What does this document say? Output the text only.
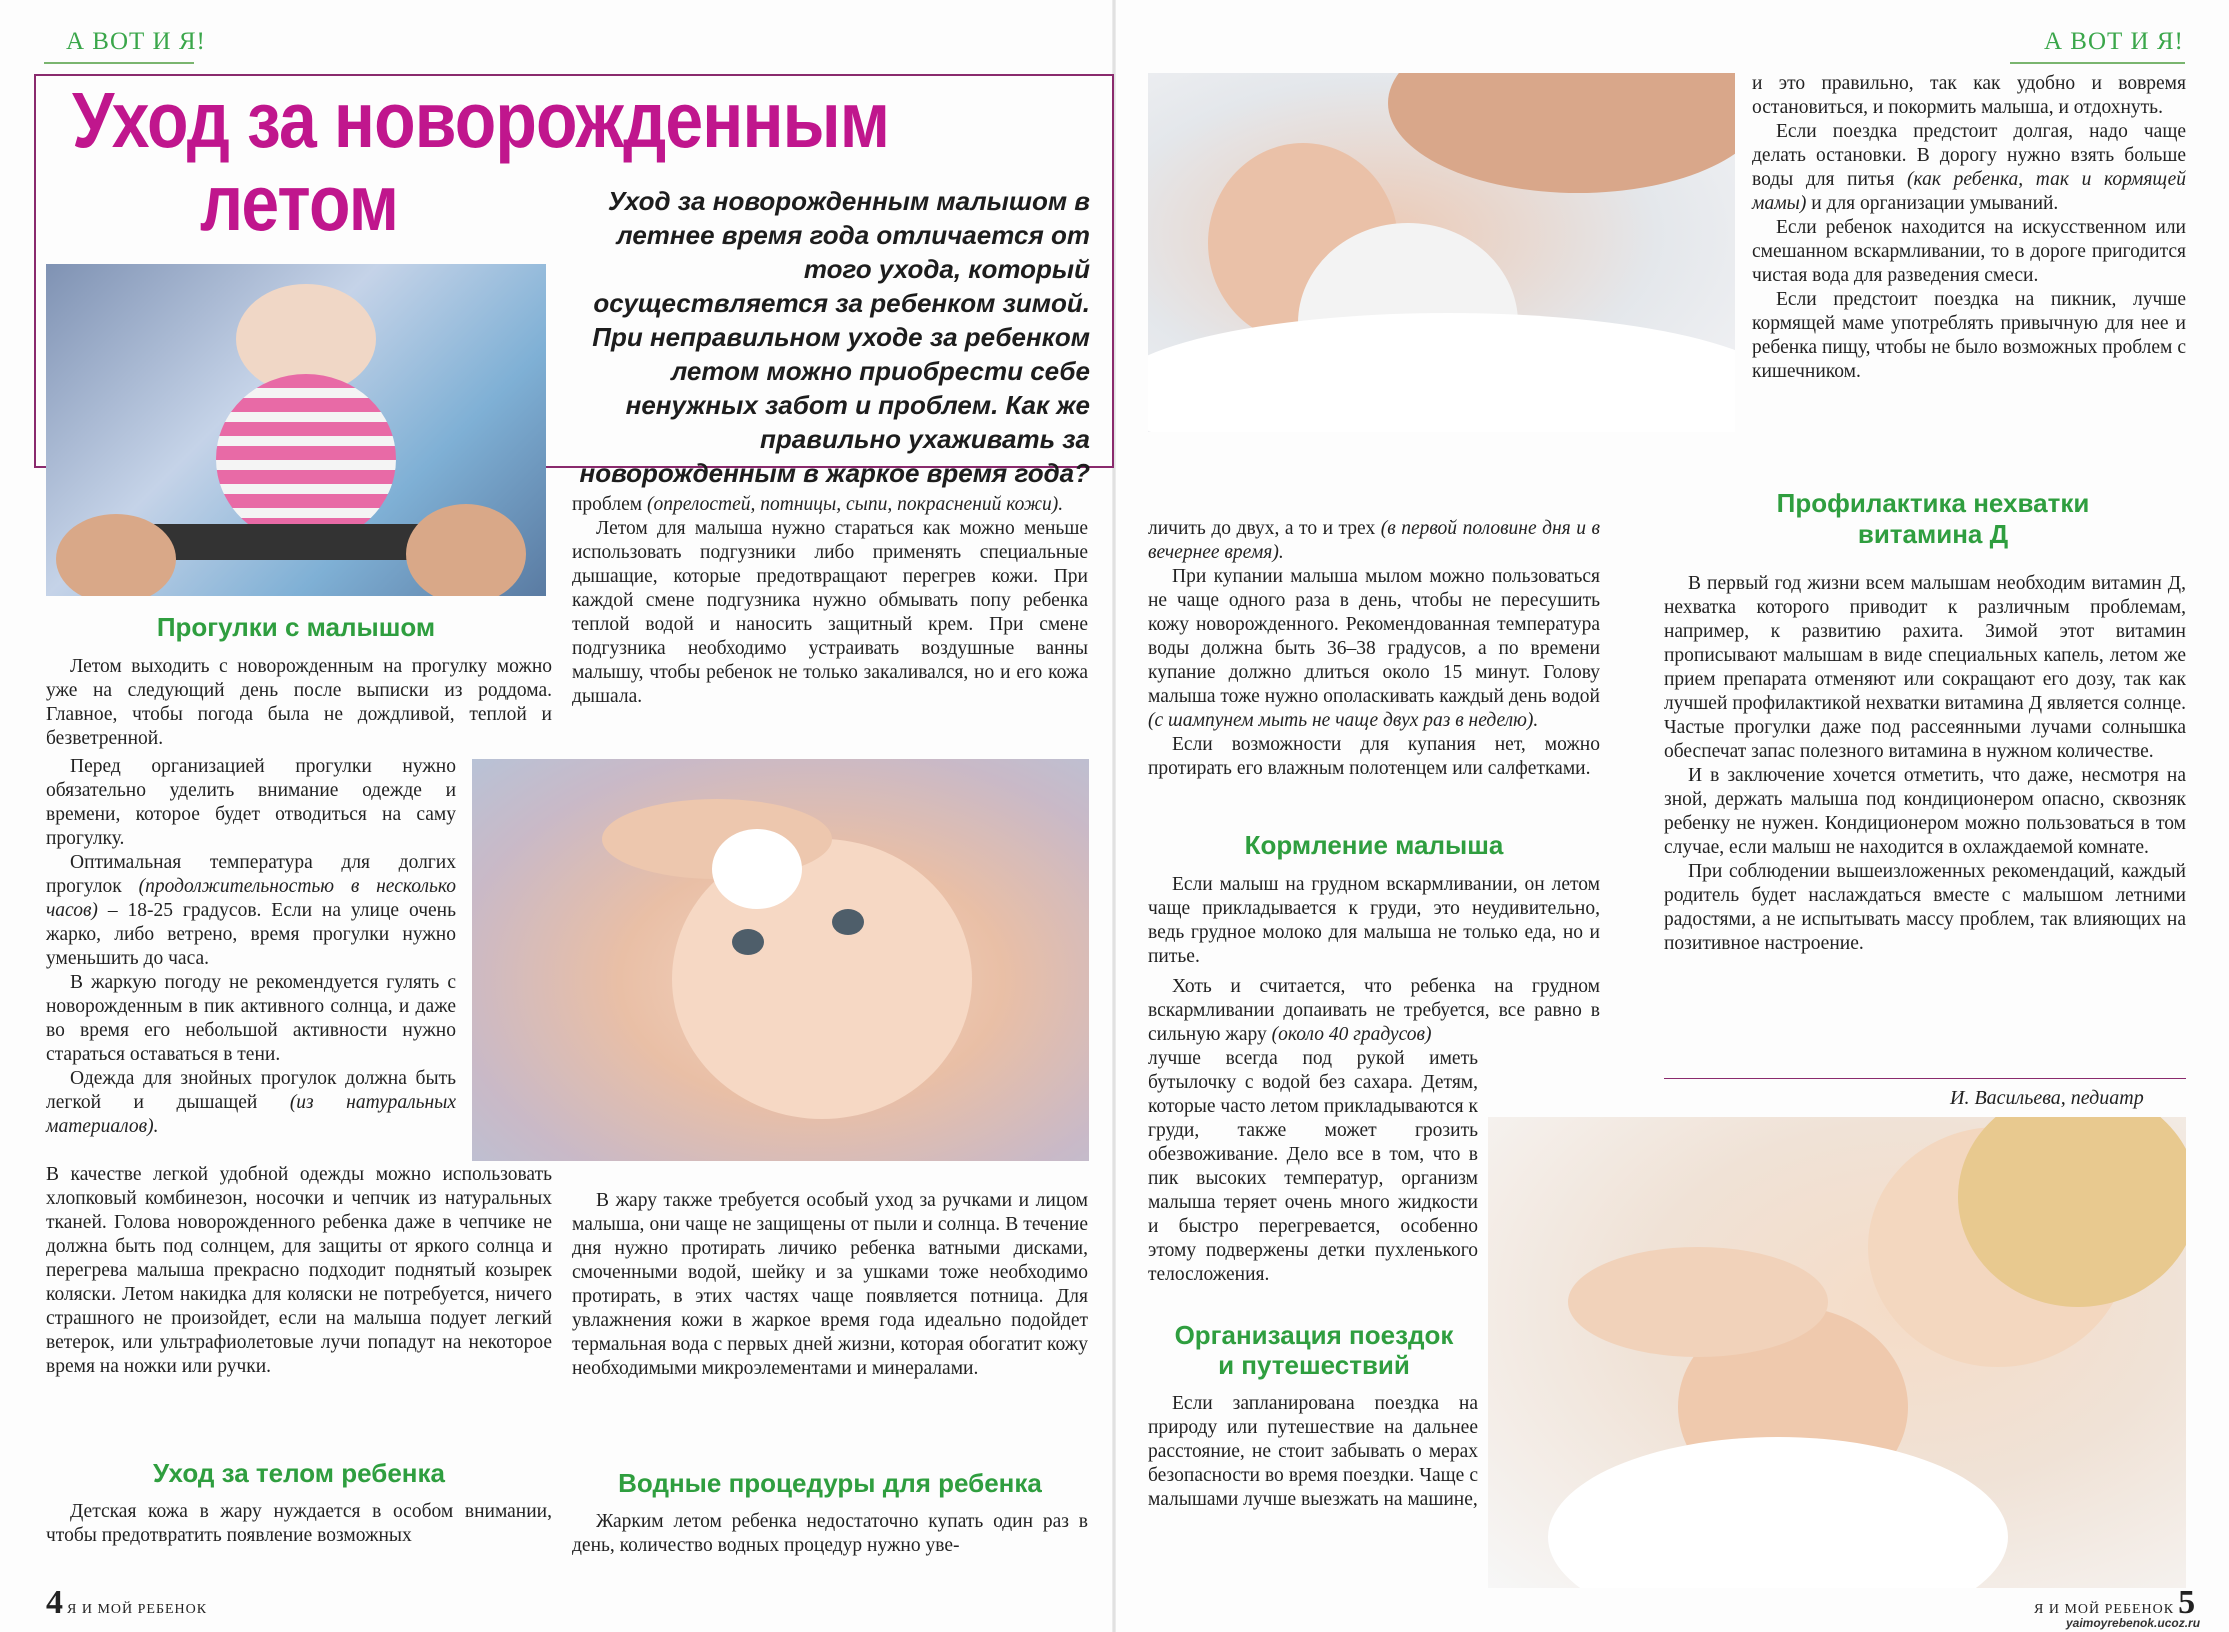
А ВОТ И Я!	А ВОТ И Я!
Уход за новорожденным
летом	Уход за новорожденным малышом в летнее время года отличается от того ухода, который осуществляется за ребенком зимой. При неправильном уходе за ребенком летом можно приобрести себе ненужных забот и проблем. Как же правильно ухаживать за новорожденным в жаркое время года?
Прогулки с малышом

Летом выходить с новорожденным на прогулку можно уже на следующий день после выписки из роддома. Главное, чтобы погода была не дождливой, теплой и безветренной.

Перед организацией прогулки нужно обязательно уделить внимание одежде и времени, которое будет отводиться на саму прогулку.

Оптимальная температура для долгих прогулок (продолжительностью в несколько часов) – 18-25 градусов. Если на улице очень жарко, либо ветрено, время прогулки нужно уменьшить до часа.

В жаркую погоду не рекомендуется гулять с новорожденным в пик активного солнца, и даже во время его небольшой активности нужно стараться оставаться в тени.

Одежда для знойных прогулок должна быть легкой и дышащей (из натуральных материалов).

В качестве легкой удобной одежды можно использовать хлопковый комбинезон, носочки и чепчик из натуральных тканей. Голова новорожденного ребенка даже в чепчике не должна быть под солнцем, для защиты от яркого солнца и перегрева малыша прекрасно подходит поднятый козырек коляски. Летом накидка для коляски не потребуется, ничего страшного не произойдет, если на малыша подует легкий ветерок, или ультрафиолетовые лучи попадут на некоторое время на ножки или ручки.

Уход за телом ребенка

Детская кожа в жару нуждается в особом внимании, чтобы предотвратить появление возможных

проблем (опрелостей, потницы, сыпи, покраснений кожи).

Летом для малыша нужно стараться как можно меньше использовать подгузники либо применять специальные дышащие, которые предотвращают перегрев кожи. При каждой смене подгузника нужно обмывать попу ребенка теплой водой и наносить защитный крем. При смене подгузника необходимо устраивать воздушные ванны малышу, чтобы ребенок не только закаливался, но и его кожа дышала.

В жару также требуется особый уход за ручками и лицом малыша, они чаще не защищены от пыли и солнца. В течение дня нужно протирать личико ребенка ватными дисками, смоченными водой, шейку и за ушками тоже необходимо протирать, в этих частях чаще появляется потница. Для увлажнения кожи в жаркое время года идеально подойдет термальная вода с первых дней жизни, которая обогатит кожу необходимыми микроэлементами и минералами.

Водные процедуры для ребенка

Жарким летом ребенка недостаточно купать один раз в день, количество водных процедур нужно уве-

личить до двух, а то и трех (в первой половине дня и в вечернее время).

При купании малыша мылом можно пользоваться не чаще одного раза в день, чтобы не пересушить кожу новорожденного. Рекомендованная температура воды должна быть 36–38 градусов, а по времени купание должно длиться около 15 минут. Голову малыша тоже нужно ополаскивать каждый день водой (с шампунем мыть не чаще двух раз в неделю).

Если возможности для купания нет, можно протирать его влажным полотенцем или салфетками.

Кормление малыша

Если малыш на грудном вскармливании, он летом чаще прикладывается к груди, это неудивительно, ведь грудное молоко для малыша не только еда, но и питье.

Хоть и считается, что ребенка на грудном вскармливании допаивать не требуется, все равно в сильную жару (около 40 градусов)

лучше всегда под рукой иметь бутылочку с водой без сахара. Детям, которые часто летом прикладываются к груди, также может грозить обезвоживание. Дело все в том, что в пик высоких температур, организм малыша теряет очень много жидкости и быстро перегревается, особенно этому подвержены детки пухленького телосложения.

Организация поездок
и путешествий

Если запланирована поездка на природу или путешествие на дальнее расстояние, не стоит забывать о мерах безопасности во время поездки. Чаще с малышами лучше выезжать на машине,

и это правильно, так как удобно и вовремя остановиться, и покормить малыша, и отдохнуть.

Если поездка предстоит долгая, надо чаще делать остановки. В дорогу нужно взять больше воды для питья (как ребенка, так и кормящей мамы) и для организации умываний.

Если ребенок находится на искусственном или смешанном вскармливании, то в дороге пригодится чистая вода для разведения смеси.

Если предстоит поездка на пикник, лучше кормящей маме употреблять привычную для нее и ребенка пищу, чтобы не было возможных проблем с кишечником.

Профилактика нехватки
витамина Д

В первый год жизни всем малышам необходим витамин Д, нехватка которого приводит к различным проблемам, например, к развитию рахита. Зимой этот витамин прописывают малышам в виде специальных капель, летом же прием препарата отменяют или сокращают его дозу, так как лучшей профилактикой нехватки витамина Д является солнце. Частые прогулки даже под рассеянными лучами солнышка обеспечат запас полезного витамина в нужном количестве.

И в заключение хочется отметить, что даже, несмотря на зной, держать малыша под кондиционером опасно, сквозняк ребенку не нужен. Кондиционером можно пользоваться в том случае, если малыш не находится в охлаждаемой комнате.

При соблюдении вышеизложенных рекомендаций, каждый родитель будет наслаждаться вместе с малышом летними радостями, а не испытывать массу проблем, так влияющих на позитивное настроение.

И. Васильева, педиатр
4 Я И МОЙ РЕБЕНОК	Я И МОЙ РЕБЕНОК 5
yaimoyrebenok.ucoz.ru
